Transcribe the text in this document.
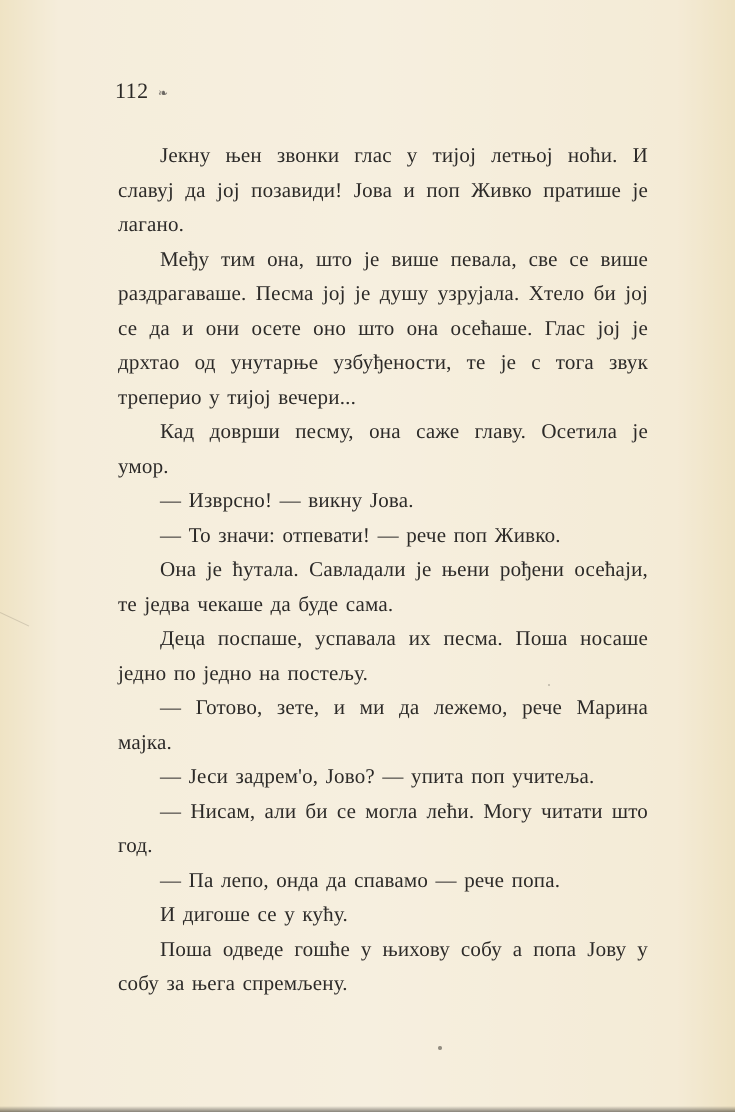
112 ❧

Јекну њен звонки глас у тијој летњој ноћи. И славуј да јој позавиди! Јова и поп Живко пратише је лагано.

Међу тим она, што је више певала, све се више раздрагаваше. Песма јој је душу узрујала. Хтело би јој се да и они осете оно што она осећаше. Глас јој је дрхтао од унутарње узбуђености, те је с тога звук треперио у тијој вечери...

Кад доврши песму, она саже главу. Осетила је умор.

— Изврсно! — викну Јова.

— То значи: отпевати! — рече поп Живко.

Она је ћутала. Савладали је њени рођени осећаји, те једва чекаше да буде сама.

Деца поспаше, успавала их песма. Поша носаше једно по једно на постељу.

— Готово, зете, и ми да лежемо, рече Марина мајка.

— Јеси задрем'о, Јово? — упита поп учитеља.

— Нисам, али би се могла лећи. Могу читати што год.

— Па лепо, онда да спавамо — рече попа.

И дигоше се у кућу.

Поша одведе гошће у њихову собу а попа Јову у собу за њега спремљену.
